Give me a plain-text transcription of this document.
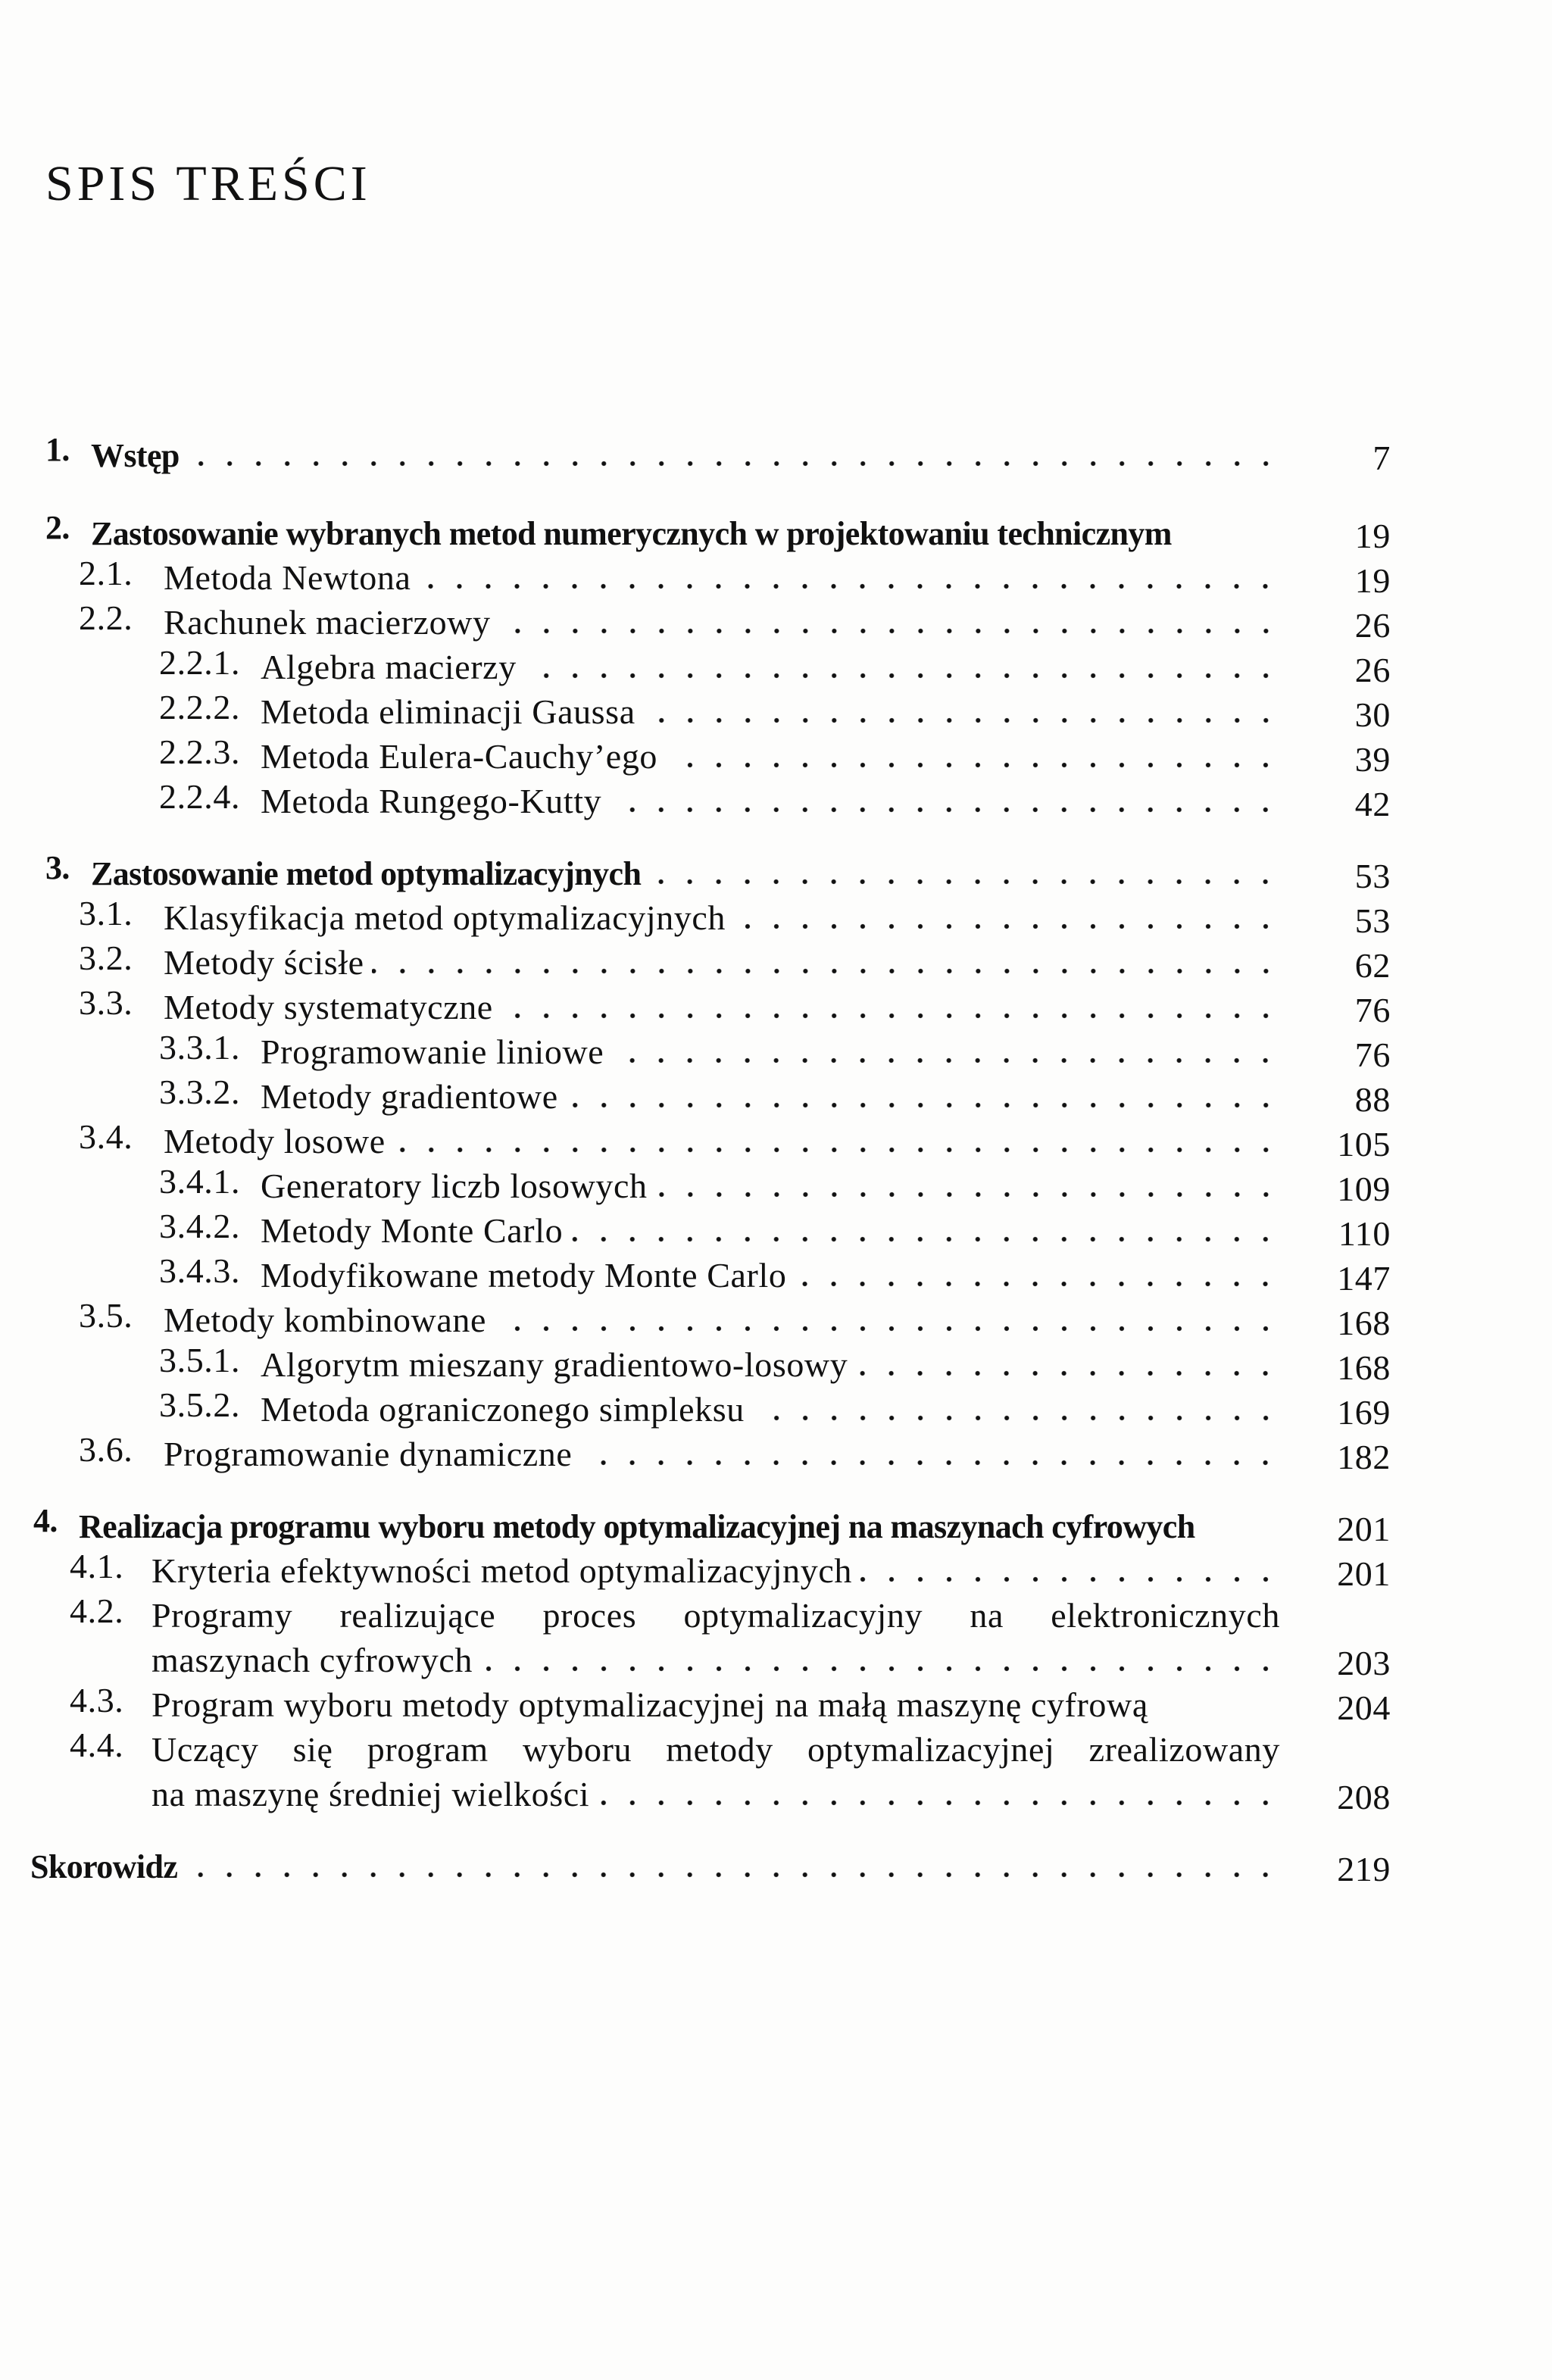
SPIS TREŚCI
1. Wstęp	7
2. Zastosowanie wybranych metod numerycznych w projektowaniu technicznym	19
2.1. Metoda Newtona	19
2.2. Rachunek macierzowy	26
2.2.1. Algebra macierzy	26
2.2.2. Metoda eliminacji Gaussa	30
2.2.3. Metoda Eulera-Cauchy’ego	39
2.2.4. Metoda Rungego-Kutty	42
3. Zastosowanie metod optymalizacyjnych	53
3.1. Klasyfikacja metod optymalizacyjnych	53
3.2. Metody ścisłe	62
3.3. Metody systematyczne	76
3.3.1. Programowanie liniowe	76
3.3.2. Metody gradientowe	88
3.4. Metody losowe	105
3.4.1. Generatory liczb losowych	109
3.4.2. Metody Monte Carlo	110
3.4.3. Modyfikowane metody Monte Carlo	147
3.5. Metody kombinowane	168
3.5.1. Algorytm mieszany gradientowo-losowy	168
3.5.2. Metoda ograniczonego simpleksu	169
3.6. Programowanie dynamiczne	182
4. Realizacja programu wyboru metody optymalizacyjnej na maszynach cyfrowych	201
4.1. Kryteria efektywności metod optymalizacyjnych	201
4.2. Programy realizujące proces optymalizacyjny na elektronicznych
maszynach cyfrowych	203
4.3. Program wyboru metody optymalizacyjnej na małą maszynę cyfrową	204
4.4. Uczący się program wyboru metody optymalizacyjnej zrealizowany
na maszynę średniej wielkości	208
Skorowidz	219
